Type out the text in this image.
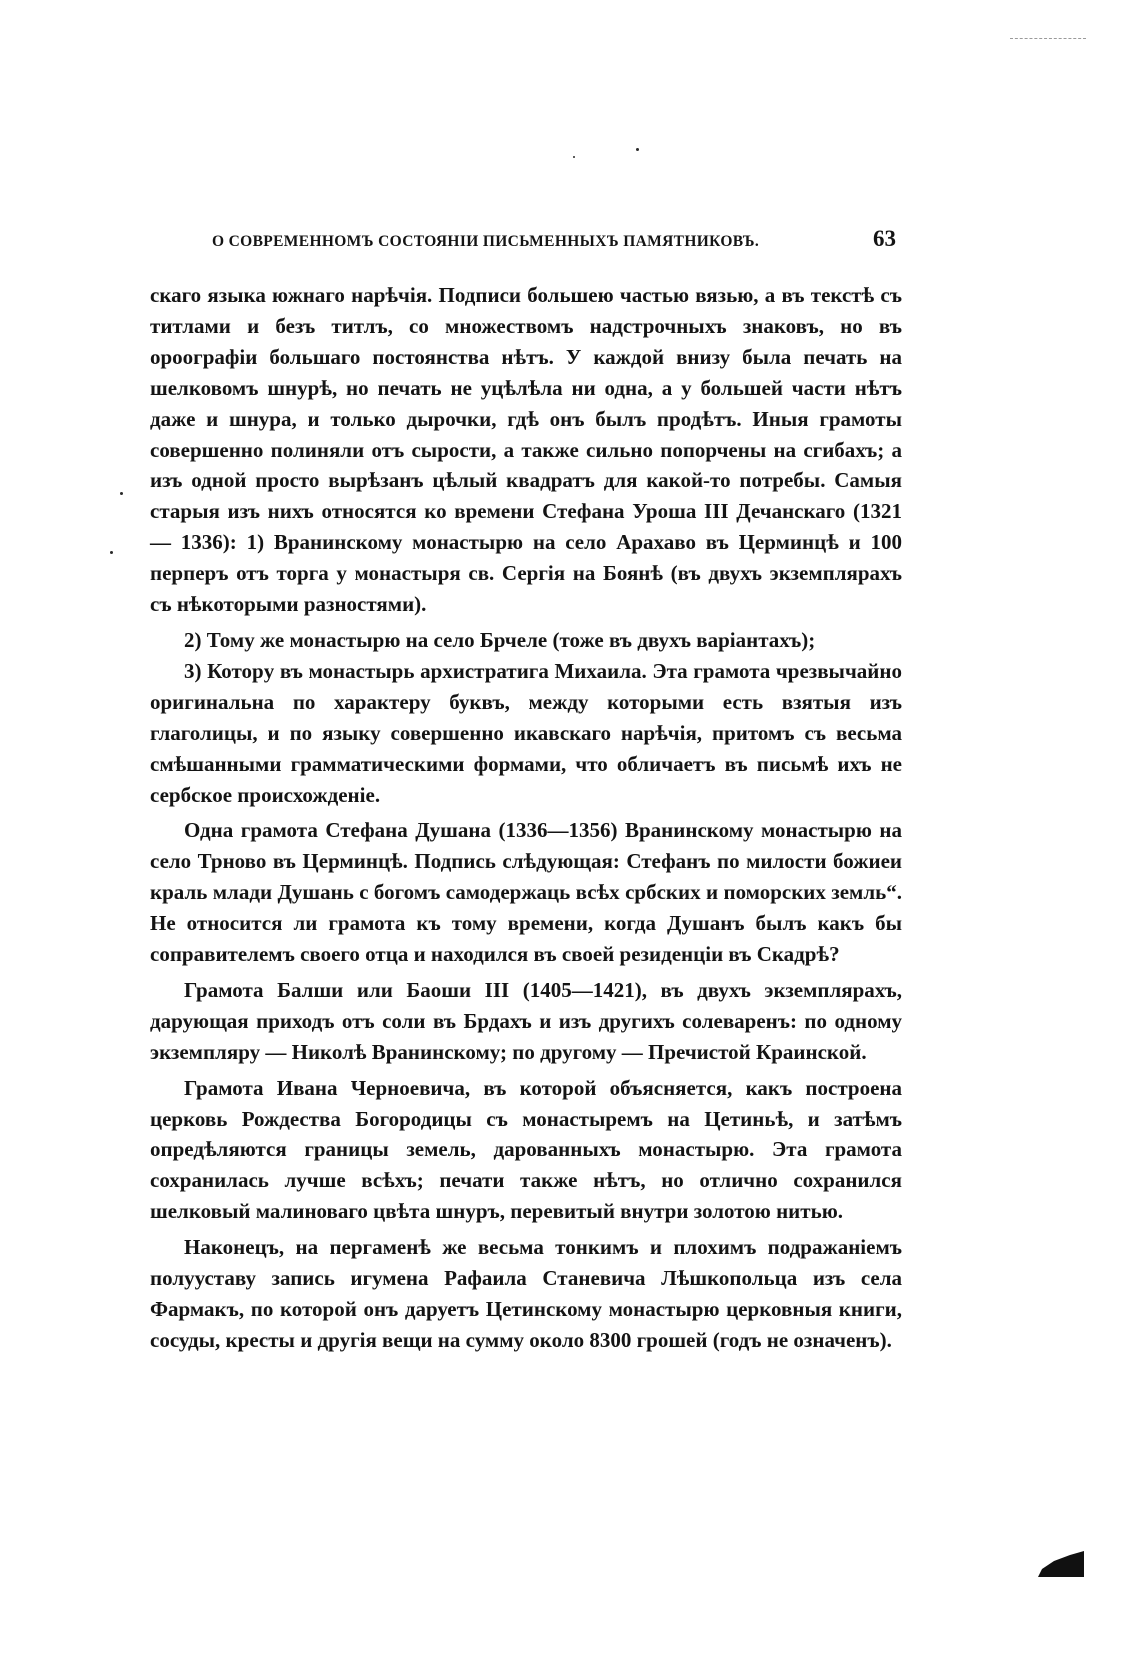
О СОВРЕМЕННОМЪ СОСТОЯНІИ ПИСЬМЕННЫХЪ ПАМЯТНИКОВЪ.	63

скаго языка южнаго нарѣчія. Подписи большею частью вязью, а въ текстѣ съ титлами и безъ титлъ, со множествомъ надстрочныхъ знаковъ, но въ ороографіи большаго постоянства нѣтъ. У каждой внизу была печать на шелковомъ шнурѣ, но печать не уцѣлѣла ни одна, а у большей части нѣтъ даже и шнура, и только дырочки, гдѣ онъ былъ продѣтъ. Иныя грамоты совершенно полиняли отъ сырости, а также сильно попорчены на сгибахъ; а изъ одной просто вырѣзанъ цѣлый квадратъ для какой-то потребы. Самыя старыя изъ нихъ относятся ко времени Стефана Уроша III Дечанскаго (1321 — 1336): 1) Вранинскому монастырю на село Арахаво въ Церминцѣ и 100 перперъ отъ торга у монастыря св. Сергія на Боянѣ (въ двухъ экземплярахъ съ нѣкоторыми разностями).

2) Тому же монастырю на село Брчеле (тоже въ двухъ варіантахъ);

3) Которy въ монастырь архистратига Михаила. Эта грамота чрезвычайно оригинальна по характеру буквъ, между которыми есть взятыя изъ глаголицы, и по языку совершенно икавскаго нарѣчія, притомъ съ весьма смѣшанными грамматическими формами, что обличаетъ въ письмѣ ихъ не сербское происхожденіе.

Одна грамота Стефана Душана (1336—1356) Вранинскому монастырю на село Трново въ Церминцѣ. Подпись слѣдующая: Стефанъ по милости божиеи краль млади Душань с богомъ самодержаць всѣх србских и поморских земль“. Не относится ли грамота къ тому времени, когда Душанъ былъ какъ бы соправителемъ своего отца и находился въ своей резиденціи въ Скадрѣ?

Грамота Балши или Баоши III (1405—1421), въ двухъ экземплярахъ, дарующая приходъ отъ соли въ Брдахъ и изъ другихъ солеваренъ: по одному экземпляру — Николѣ Вранинскому; по другому — Пречистой Краинской.

Грамота Ивана Черноевича, въ которой объясняется, какъ построена церковь Рождества Богородицы съ монастыремъ на Цетиньѣ, и затѣмъ опредѣляются границы земель, дарованныхъ монастырю. Эта грамота сохранилась лучше всѣхъ; печати также нѣтъ, но отлично сохранился шелковый малиноваго цвѣта шнуръ, перевитый внутри золотою нитью.

Наконецъ, на пергаменѣ же весьма тонкимъ и плохимъ подражаніемъ полууставу запись игумена Рафаила Станевича Лѣшкопольца изъ села Фармакъ, по которой онъ даруетъ Цетинскому монастырю церковныя книги, сосуды, кресты и другія вещи на сумму около 8300 грошей (годъ не означенъ).
